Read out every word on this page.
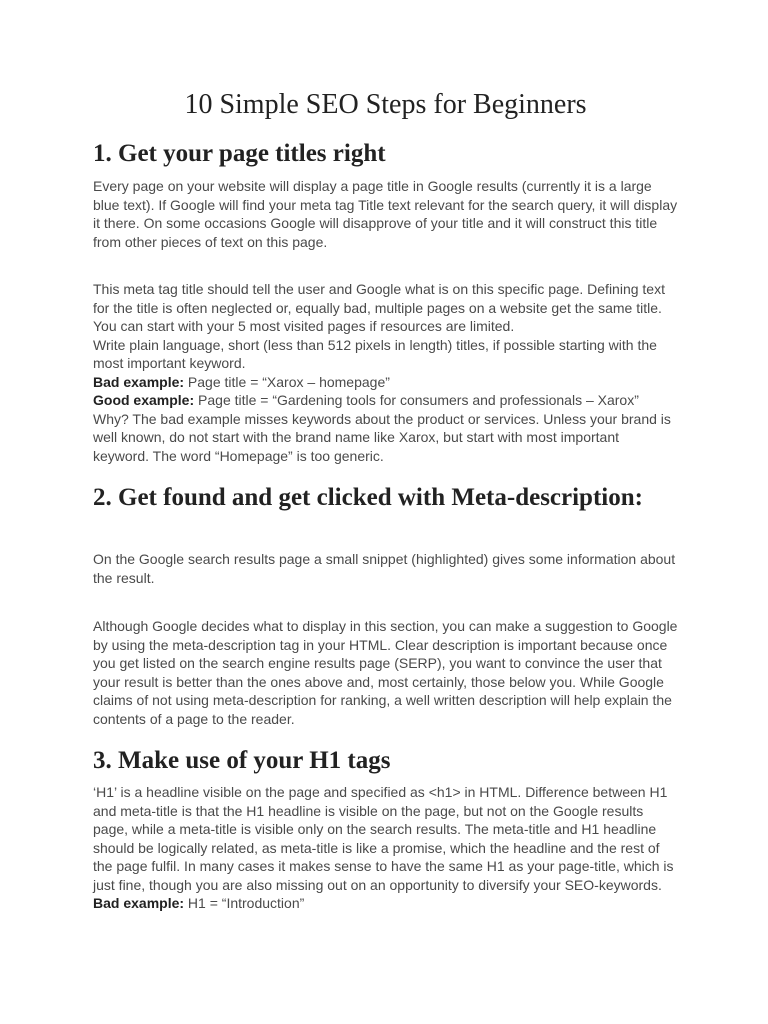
10 Simple SEO Steps for Beginners
1. Get your page titles right

Every page on your website will display a page title in Google results (currently it is a large blue text). If Google will find your meta tag Title text relevant for the search query, it will display it there. On some occasions Google will disapprove of your title and it will construct this title from other pieces of text on this page.

This meta tag title should tell the user and Google what is on this specific page. Defining text for the title is often neglected or, equally bad, multiple pages on a website get the same title. You can start with your 5 most visited pages if resources are limited.
Write plain language, short (less than 512 pixels in length) titles, if possible starting with the most important keyword.
Bad example: Page title = “Xarox – homepage”
Good example: Page title = “Gardening tools for consumers and professionals – Xarox”
Why? The bad example misses keywords about the product or services. Unless your brand is well known, do not start with the brand name like Xarox, but start with most important keyword. The word “Homepage” is too generic.
2. Get found and get clicked with Meta-description:

On the Google search results page a small snippet (highlighted) gives some information about the result.

Although Google decides what to display in this section, you can make a suggestion to Google by using the meta-description tag in your HTML. Clear description is important because once you get listed on the search engine results page (SERP), you want to convince the user that your result is better than the ones above and, most certainly, those below you. While Google claims of not using meta-description for ranking, a well written description will help explain the contents of a page to the reader.

3. Make use of your H1 tags
‘H1’ is a headline visible on the page and specified as <h1> in HTML. Difference between H1 and meta-title is that the H1 headline is visible on the page, but not on the Google results page, while a meta-title is visible only on the search results. The meta-title and H1 headline should be logically related, as meta-title is like a promise, which the headline and the rest of the page fulfil. In many cases it makes sense to have the same H1 as your page-title, which is just fine, though you are also missing out on an opportunity to diversify your SEO-keywords.
Bad example: H1 = “Introduction”
